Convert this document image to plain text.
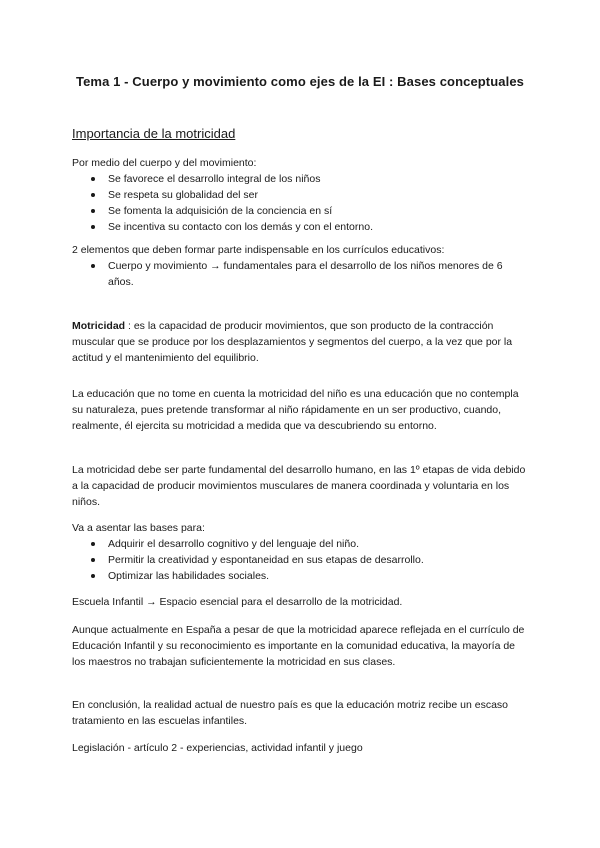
Tema 1 - Cuerpo y movimiento como ejes de la EI : Bases conceptuales
Importancia de la motricidad

Por medio del cuerpo y del movimiento:

Se favorece el desarrollo integral de los niños
Se respeta su globalidad del ser
Se fomenta la adquisición de la conciencia en sí
Se incentiva su contacto con los demás y con el entorno.

2 elementos que deben formar parte indispensable en los currículos educativos:

Cuerpo y movimiento → fundamentales para el desarrollo de los niños menores de 6 años.

Motricidad : es la capacidad de producir movimientos, que son producto de la contracción muscular que se produce por los desplazamientos y segmentos del cuerpo, a la vez que por la actitud y el mantenimiento del equilibrio.

La educación que no tome en cuenta la motricidad del niño es una educación que no contempla su naturaleza, pues pretende transformar al niño rápidamente en un ser productivo, cuando, realmente, él ejercita su motricidad a medida que va descubriendo su entorno.

La motricidad debe ser parte fundamental del desarrollo humano, en las 1º etapas de vida debido a la capacidad de producir movimientos musculares de manera coordinada y voluntaria en los niños.

Va a asentar las bases para:

Adquirir el desarrollo cognitivo y del lenguaje del niño.
Permitir la creatividad y espontaneidad en sus etapas de desarrollo.
Optimizar las habilidades sociales.

Escuela Infantil → Espacio esencial para el desarrollo de la motricidad.

Aunque actualmente en España a pesar de que la motricidad aparece reflejada en el currículo de Educación Infantil y su reconocimiento es importante en la comunidad educativa, la mayoría de los maestros no trabajan suficientemente la motricidad en sus clases.

En conclusión, la realidad actual de nuestro país es que la educación motriz recibe un escaso tratamiento en las escuelas infantiles.

Legislación - artículo 2 - experiencias, actividad infantil y juego
